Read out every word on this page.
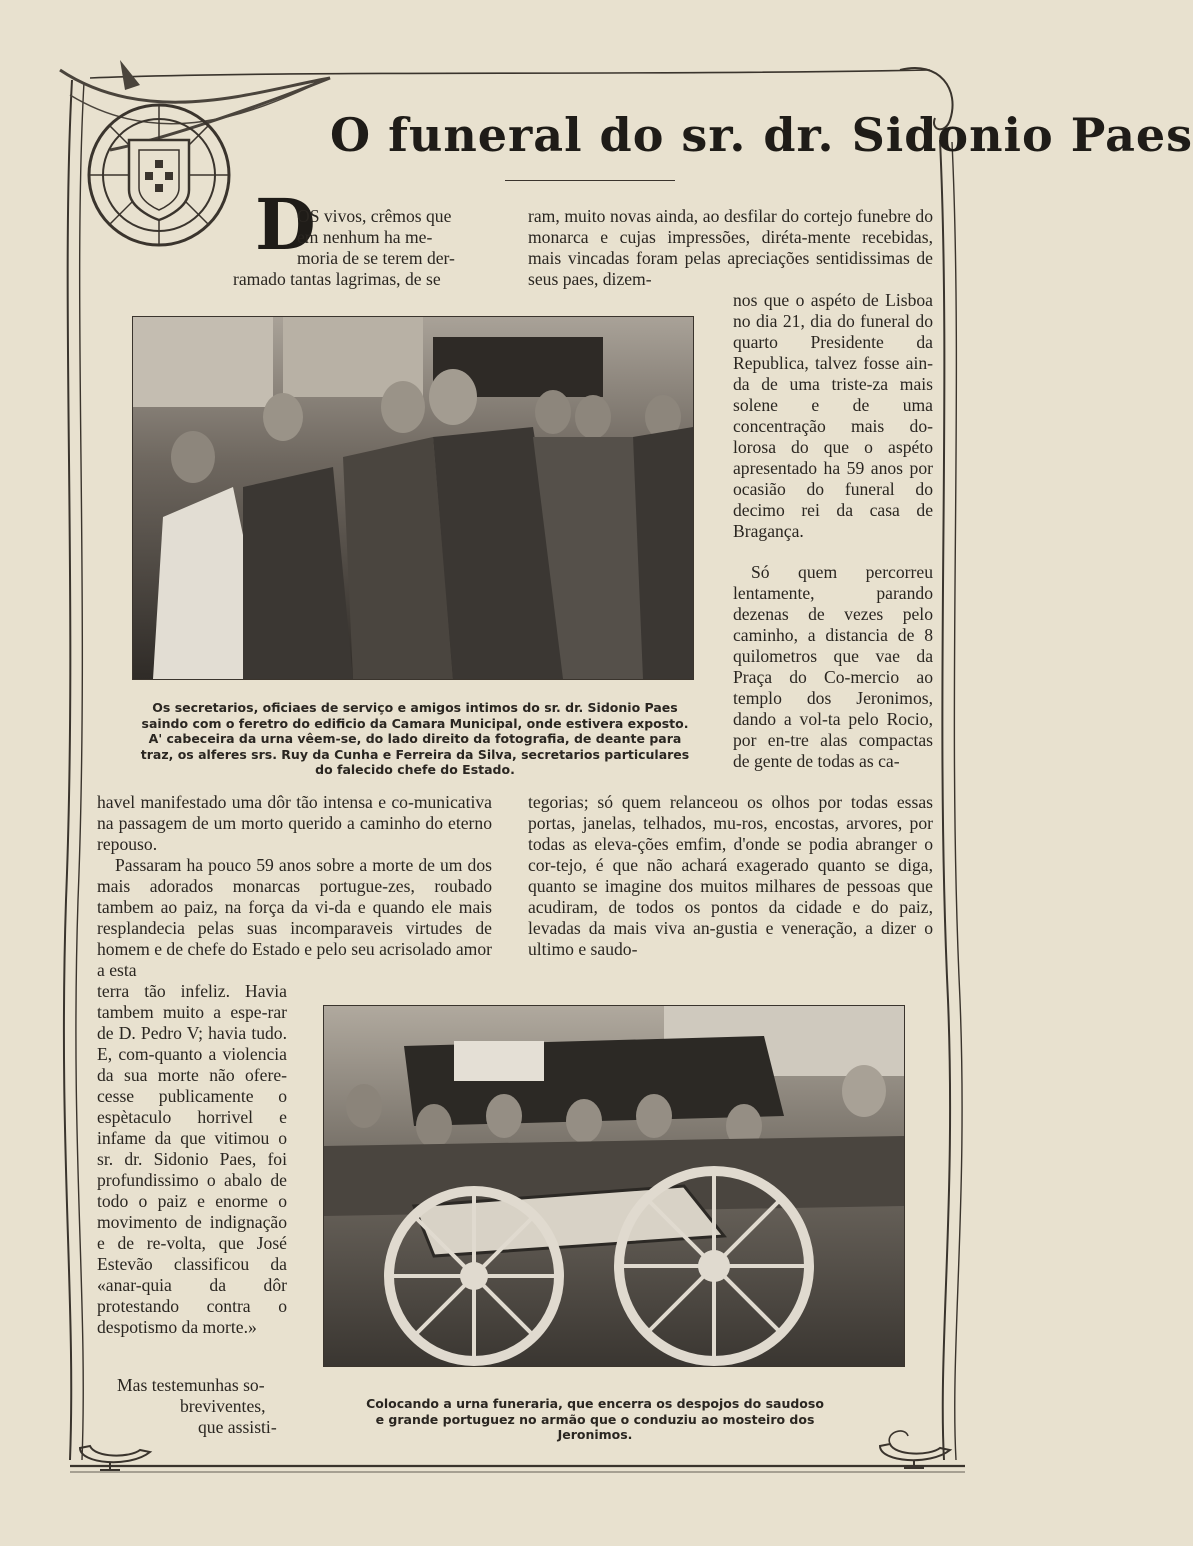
O funeral do sr. dr. Sidonio Paes
D
OS vivos, crêmos que
em nenhum ha me-
moria de se terem der-
ramado tantas lagrimas, de se
ram, muito novas ainda, ao desfilar do cortejo funebre do monarca e cujas impressões, diréta-mente recebidas, mais vincadas foram pelas apreciações sentidissimas de seus paes, dizem-
nos que o aspéto de Lisboa no dia 21, dia do funeral do quarto Presidente da Republica, talvez fosse ain-da de uma triste-za mais solene e de uma concentração mais do-lorosa do que o aspéto apresentado ha 59 anos por ocasião do funeral do decimo rei da casa de Bragança.
Só quem percorreu lentamente, parando dezenas de vezes pelo caminho, a distancia de 8 quilometros que vae da Praça do Co-mercio ao templo dos Jeronimos, dando a vol-ta pelo Rocio, por en-tre alas compactas de gente de todas as ca-
Os secretarios, oficiaes de serviço e amigos intimos do sr. dr. Sidonio Paes
saindo com o feretro do edificio da Camara Municipal, onde estivera exposto.
A' cabeceira da urna vêem-se, do lado direito da fotografia, de deante para
traz, os alferes srs. Ruy da Cunha e Ferreira da Silva, secretarios particulares
do falecido chefe do Estado.
havel manifestado uma dôr tão intensa e co-municativa na passagem de um morto querido a caminho do eterno repouso.
Passaram ha pouco 59 anos sobre a morte de um dos mais adorados monarcas portugue-zes, roubado tambem ao paiz, na força da vi-da e quando ele mais resplandecia pelas suas incomparaveis virtudes de homem e de chefe do Estado e pelo seu acrisolado amor a esta
tegorias; só quem relanceou os olhos por todas essas portas, janelas, telhados, mu-ros, encostas, arvores, por todas as eleva-ções emfim, d'onde se podia abranger o cor-tejo, é que não achará exagerado quanto se diga, quanto se imagine dos muitos milhares de pessoas que acudiram, de todos os pontos da cidade e do paiz, levadas da mais viva an-gustia e veneração, a dizer o ultimo e saudo-
terra tão infeliz. Havia tambem muito a espe-rar de D. Pedro V; havia tudo. E, com-quanto a violencia da sua morte não ofere-cesse publicamente o espètaculo horrivel e infame da que vitimou o sr. dr. Sidonio Paes, foi profundissimo o abalo de todo o paiz e enorme o movimento de indignação e de re-volta, que José Estevão classificou da «anar-quia da dôr protestando contra o despotismo da morte.»
Mas testemunhas so-
breviventes,
que assisti-
Colocando a urna funeraria, que encerra os despojos do saudoso
e grande portuguez no armão que o conduziu ao mosteiro dos
Jeronimos.
